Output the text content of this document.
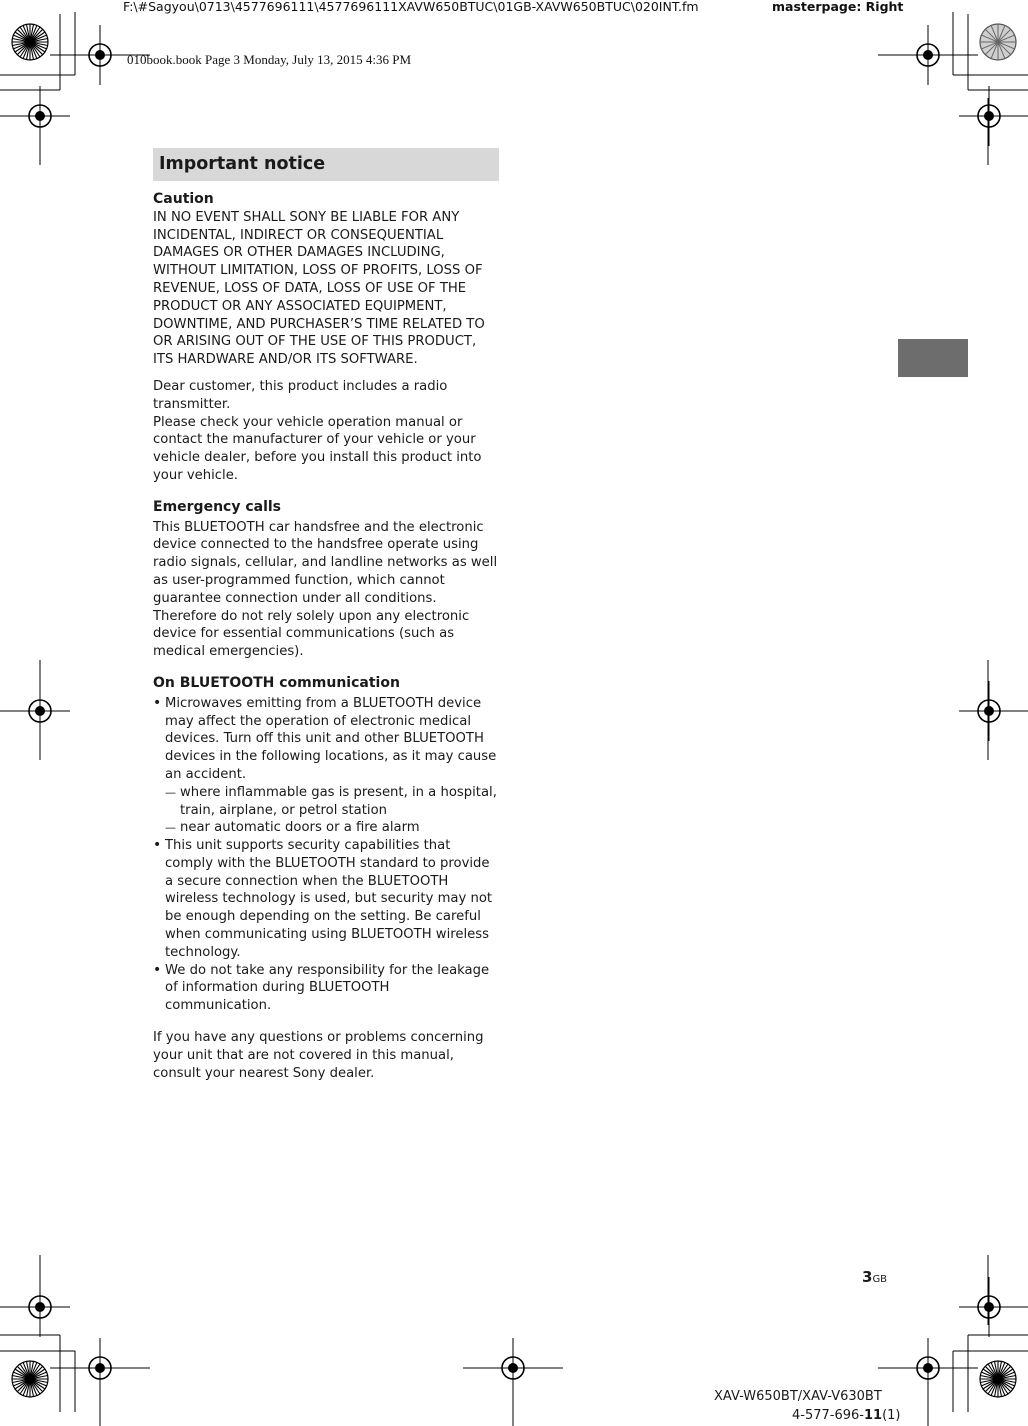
F:\#Sagyou\0713\4577696111\4577696111XAVW650BTUC\01GB-XAVW650BTUC\020INT.fm	masterpage: Right
010book.book Page 3 Monday, July 13, 2015 4:36 PM
Important notice
Caution

IN NO EVENT SHALL SONY BE LIABLE FOR ANY INCIDENTAL, INDIRECT OR CONSEQUENTIAL DAMAGES OR OTHER DAMAGES INCLUDING, WITHOUT LIMITATION, LOSS OF PROFITS, LOSS OF REVENUE, LOSS OF DATA, LOSS OF USE OF THE PRODUCT OR ANY ASSOCIATED EQUIPMENT, DOWNTIME, AND PURCHASER’S TIME RELATED TO OR ARISING OUT OF THE USE OF THIS PRODUCT, ITS HARDWARE AND/OR ITS SOFTWARE.

Dear customer, this product includes a radio transmitter.
Please check your vehicle operation manual or contact the manufacturer of your vehicle or your vehicle dealer, before you install this product into your vehicle.

Emergency calls

This BLUETOOTH car handsfree and the electronic device connected to the handsfree operate using radio signals, cellular, and landline networks as well as user-programmed function, which cannot guarantee connection under all conditions. Therefore do not rely solely upon any electronic device for essential communications (such as medical emergencies).

On BLUETOOTH communication
• Microwaves emitting from a BLUETOOTH device may affect the operation of electronic medical devices. Turn off this unit and other BLUETOOTH devices in the following locations, as it may cause an accident.
— where inflammable gas is present, in a hospital, train, airplane, or petrol station
— near automatic doors or a fire alarm
• This unit supports security capabilities that comply with the BLUETOOTH standard to provide a secure connection when the BLUETOOTH wireless technology is used, but security may not be enough depending on the setting. Be careful when communicating using BLUETOOTH wireless technology.
• We do not take any responsibility for the leakage of information during BLUETOOTH communication.

If you have any questions or problems concerning your unit that are not covered in this manual, consult your nearest Sony dealer.

3GB
XAV-W650BT/XAV-V630BT
4-577-696-11(1)
